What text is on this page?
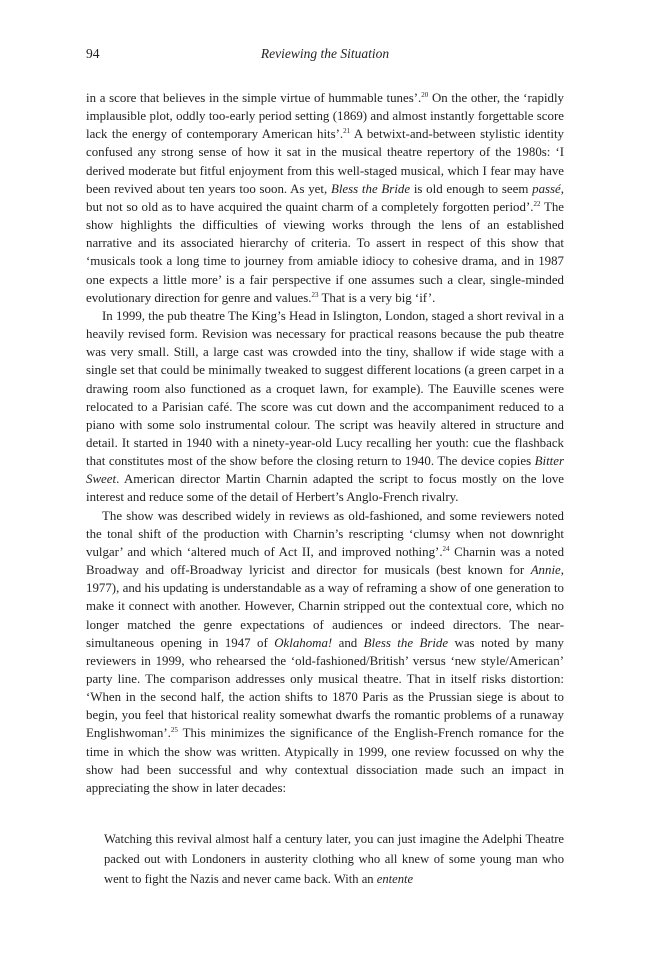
94	Reviewing the Situation

in a score that believes in the simple virtue of hummable tunes’.$^{20}$ On the other, the ‘rapidly implausible plot, oddly too-early period setting (1869) and almost instantly forgettable score lack the energy of contemporary American hits’.$^{21}$ A betwixt-and-between stylistic identity confused any strong sense of how it sat in the musical theatre repertory of the 1980s: ‘I derived moderate but fitful enjoyment from this well-staged musical, which I fear may have been revived about ten years too soon. As yet, Bless the Bride is old enough to seem passé, but not so old as to have acquired the quaint charm of a completely forgotten period’.$^{22}$ The show highlights the difficulties of viewing works through the lens of an established narrative and its associated hierarchy of criteria. To assert in respect of this show that ‘musicals took a long time to journey from amiable idiocy to cohesive drama, and in 1987 one expects a little more’ is a fair perspective if one assumes such a clear, single-minded evolutionary direction for genre and values.$^{23}$ That is a very big ‘if’.

In 1999, the pub theatre The King’s Head in Islington, London, staged a short revival in a heavily revised form. Revision was necessary for practical reasons because the pub theatre was very small. Still, a large cast was crowded into the tiny, shallow if wide stage with a single set that could be minimally tweaked to suggest different locations (a green carpet in a drawing room also functioned as a croquet lawn, for example). The Eauville scenes were relocated to a Parisian café. The score was cut down and the accompaniment reduced to a piano with some solo instrumental colour. The script was heavily altered in structure and detail. It started in 1940 with a ninety-year-old Lucy recalling her youth: cue the flashback that constitutes most of the show before the closing return to 1940. The device copies Bitter Sweet. American director Martin Charnin adapted the script to focus mostly on the love interest and reduce some of the detail of Herbert’s Anglo-French rivalry.

The show was described widely in reviews as old-fashioned, and some reviewers noted the tonal shift of the production with Charnin’s rescripting ‘clumsy when not downright vulgar’ and which ‘altered much of Act II, and improved nothing’.$^{24}$ Charnin was a noted Broadway and off-Broadway lyricist and director for musicals (best known for Annie, 1977), and his updating is understandable as a way of reframing a show of one generation to make it connect with another. However, Charnin stripped out the contextual core, which no longer matched the genre expectations of audiences or indeed directors. The near-simultaneous opening in 1947 of Oklahoma! and Bless the Bride was noted by many reviewers in 1999, who rehearsed the ‘old-fashioned/British’ versus ‘new style/American’ party line. The comparison addresses only musical theatre. That in itself risks distortion: ‘When in the second half, the action shifts to 1870 Paris as the Prussian siege is about to begin, you feel that historical reality somewhat dwarfs the romantic problems of a runaway Englishwoman’.$^{25}$ This minimizes the significance of the English-French romance for the time in which the show was written. Atypically in 1999, one review focussed on why the show had been successful and why contextual dissociation made such an impact in appreciating the show in later decades:

Watching this revival almost half a century later, you can just imagine the Adelphi Theatre packed out with Londoners in austerity clothing who all knew of some young man who went to fight the Nazis and never came back. With an entente
